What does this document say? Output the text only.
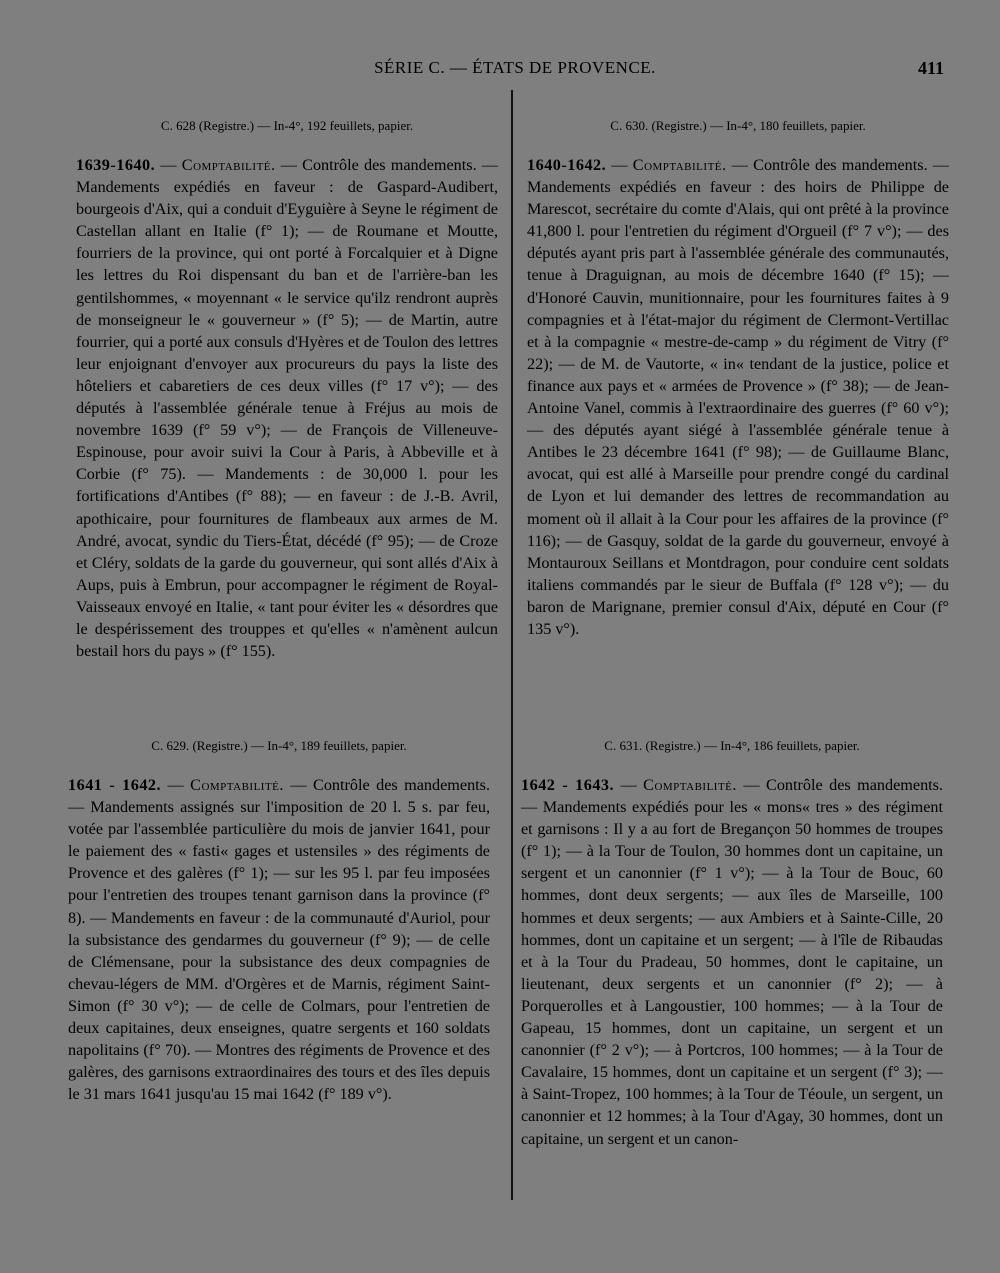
SÉRIE C. — ÉTATS DE PROVENCE.	411
C. 628 (Registre.) — In-4°, 192 feuillets, papier.

1639-1640. — Comptabilité. — Contrôle des mandements. — Mandements expédiés en faveur : de Gaspard-Audibert, bourgeois d'Aix, qui a conduit d'Eyguière à Seyne le régiment de Castellan allant en Italie (f° 1); — de Roumane et Moutte, fourriers de la province, qui ont porté à Forcalquier et à Digne les lettres du Roi dispensant du ban et de l'arrière-ban les gentilshommes, « moyennant « le service qu'ilz rendront auprès de monseigneur le « gouverneur » (f° 5); — de Martin, autre fourrier, qui a porté aux consuls d'Hyères et de Toulon des lettres leur enjoignant d'envoyer aux procureurs du pays la liste des hôteliers et cabaretiers de ces deux villes (f° 17 v°); — des députés à l'assemblée générale tenue à Fréjus au mois de novembre 1639 (f° 59 v°); — de François de Villeneuve-Espinouse, pour avoir suivi la Cour à Paris, à Abbeville et à Corbie (f° 75). — Mandements : de 30,000 l. pour les fortifications d'Antibes (f° 88); — en faveur : de J.-B. Avril, apothicaire, pour fournitures de flambeaux aux armes de M. André, avocat, syndic du Tiers-État, décédé (f° 95); — de Croze et Cléry, soldats de la garde du gouverneur, qui sont allés d'Aix à Aups, puis à Embrun, pour accompagner le régiment de Royal-Vaisseaux envoyé en Italie, « tant pour éviter les « désordres que le despérissement des trouppes et qu'elles « n'amènent aulcun bestail hors du pays » (f° 155).

C. 630. (Registre.) — In-4°, 180 feuillets, papier.

1640-1642. — Comptabilité. — Contrôle des mandements. — Mandements expédiés en faveur : des hoirs de Philippe de Marescot, secrétaire du comte d'Alais, qui ont prêté à la province 41,800 l. pour l'entretien du régiment d'Orgueil (f° 7 v°); — des députés ayant pris part à l'assemblée générale des communautés, tenue à Draguignan, au mois de décembre 1640 (f° 15); — d'Honoré Cauvin, munitionnaire, pour les fournitures faites à 9 compagnies et à l'état-major du régiment de Clermont-Vertillac et à la compagnie « mestre-de-camp » du régiment de Vitry (f° 22); — de M. de Vautorte, « in« tendant de la justice, police et finance aux pays et « armées de Provence » (f° 38); — de Jean-Antoine Vanel, commis à l'extraordinaire des guerres (f° 60 v°); — des députés ayant siégé à l'assemblée générale tenue à Antibes le 23 décembre 1641 (f° 98); — de Guillaume Blanc, avocat, qui est allé à Marseille pour prendre congé du cardinal de Lyon et lui demander des lettres de recommandation au moment où il allait à la Cour pour les affaires de la province (f° 116); — de Gasquy, soldat de la garde du gouverneur, envoyé à Montauroux Seillans et Montdragon, pour conduire cent soldats italiens commandés par le sieur de Buffala (f° 128 v°); — du baron de Marignane, premier consul d'Aix, député en Cour (f° 135 v°).

C. 629. (Registre.) — In-4°, 189 feuillets, papier.

1641 - 1642. — Comptabilité. — Contrôle des mandements. — Mandements assignés sur l'imposition de 20 l. 5 s. par feu, votée par l'assemblée particulière du mois de janvier 1641, pour le paiement des « fasti« gages et ustensiles » des régiments de Provence et des galères (f° 1); — sur les 95 l. par feu imposées pour l'entretien des troupes tenant garnison dans la province (f° 8). — Mandements en faveur : de la communauté d'Auriol, pour la subsistance des gendarmes du gouverneur (f° 9); — de celle de Clémensane, pour la subsistance des deux compagnies de chevau-légers de MM. d'Orgères et de Marnis, régiment Saint-Simon (f° 30 v°); — de celle de Colmars, pour l'entretien de deux capitaines, deux enseignes, quatre sergents et 160 soldats napolitains (f° 70). — Montres des régiments de Provence et des galères, des garnisons extraordinaires des tours et des îles depuis le 31 mars 1641 jusqu'au 15 mai 1642 (f° 189 v°).

C. 631. (Registre.) — In-4°, 186 feuillets, papier.

1642 - 1643. — Comptabilité. — Contrôle des mandements. — Mandements expédiés pour les « mons« tres » des régiment et garnisons : Il y a au fort de Bregançon 50 hommes de troupes (f° 1); — à la Tour de Toulon, 30 hommes dont un capitaine, un sergent et un canonnier (f° 1 v°); — à la Tour de Bouc, 60 hommes, dont deux sergents; — aux îles de Marseille, 100 hommes et deux sergents; — aux Ambiers et à Sainte-Cille, 20 hommes, dont un capitaine et un sergent; — à l'île de Ribaudas et à la Tour du Pradeau, 50 hommes, dont le capitaine, un lieutenant, deux sergents et un canonnier (f° 2); — à Porquerolles et à Langoustier, 100 hommes; — à la Tour de Gapeau, 15 hommes, dont un capitaine, un sergent et un canonnier (f° 2 v°); — à Portcros, 100 hommes; — à la Tour de Cavalaire, 15 hommes, dont un capitaine et un sergent (f° 3); — à Saint-Tropez, 100 hommes; à la Tour de Téoule, un sergent, un canonnier et 12 hommes; à la Tour d'Agay, 30 hommes, dont un capitaine, un sergent et un canon-
